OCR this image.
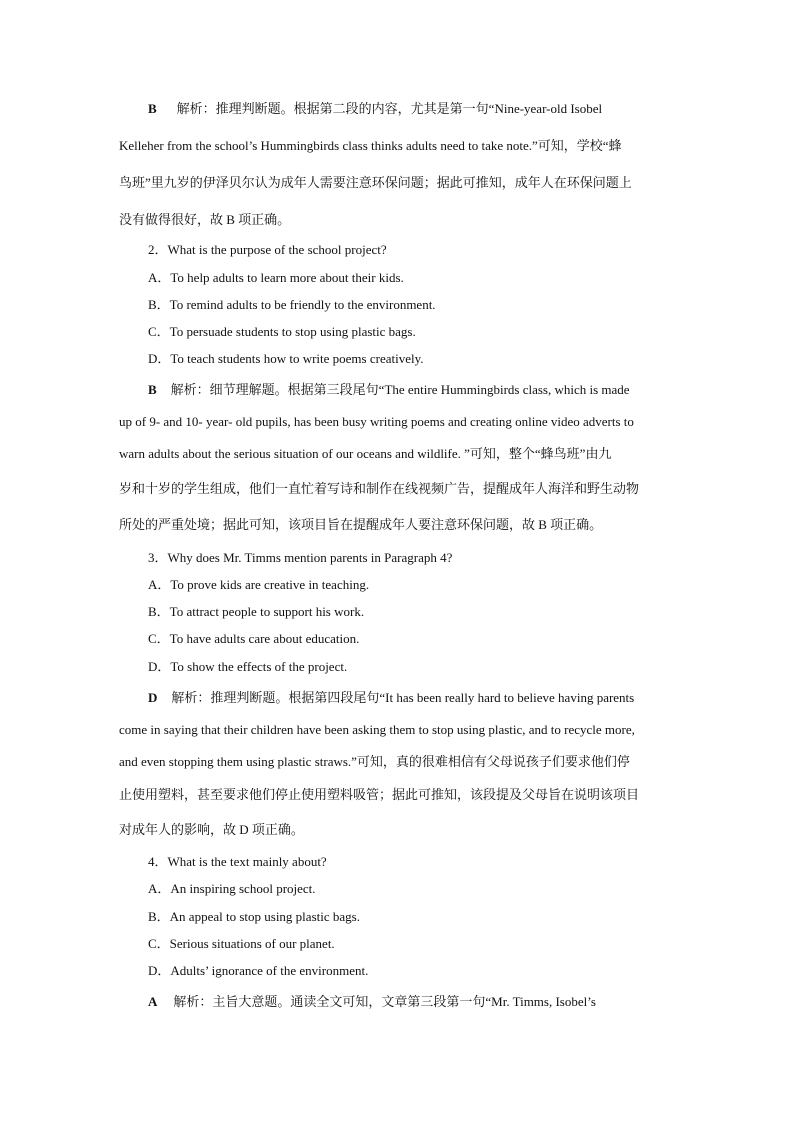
B 解析：推理判断题。根据第二段的内容，尤其是第一句“Nine-year-old Isobel
Kelleher from the school’s Hummingbirds class thinks adults need to take note.”可知，学校“蜂
鸟班”里九岁的伊泽贝尔认为成年人需要注意环保问题；据此可推知，成年人在环保问题上
没有做得很好，故 B 项正确。
2．What is the purpose of the school project?
A．To help adults to learn more about their kids.
B．To remind adults to be friendly to the environment.
C．To persuade students to stop using plastic bags.
D．To teach students how to write poems creatively.
B 解析：细节理解题。根据第三段尾句“The entire Hummingbirds class, which is made
up of 9- and 10- year- old pupils, has been busy writing poems and creating online video adverts to
warn adults about the serious situation of our oceans and wildlife. ”可知，整个“蜂鸟班”由九
岁和十岁的学生组成，他们一直忙着写诗和制作在线视频广告，提醒成年人海洋和野生动物
所处的严重处境；据此可知，该项目旨在提醒成年人要注意环保问题，故 B 项正确。
3．Why does Mr. Timms mention parents in Paragraph 4?
A．To prove kids are creative in teaching.
B．To attract people to support his work.
C．To have adults care about education.
D．To show the effects of the project.
D 解析：推理判断题。根据第四段尾句“It has been really hard to believe having parents
come in saying that their children have been asking them to stop using plastic, and to recycle more,
and even stopping them using plastic straws.”可知，真的很难相信有父母说孩子们要求他们停
止使用塑料，甚至要求他们停止使用塑料吸管；据此可推知，该段提及父母旨在说明该项目
对成年人的影响，故 D 项正确。
4．What is the text mainly about?
A．An inspiring school project.
B．An appeal to stop using plastic bags.
C．Serious situations of our planet.
D．Adults’ ignorance of the environment.
A 解析：主旨大意题。通读全文可知，文章第三段第一句“Mr. Timms, Isobel’s
